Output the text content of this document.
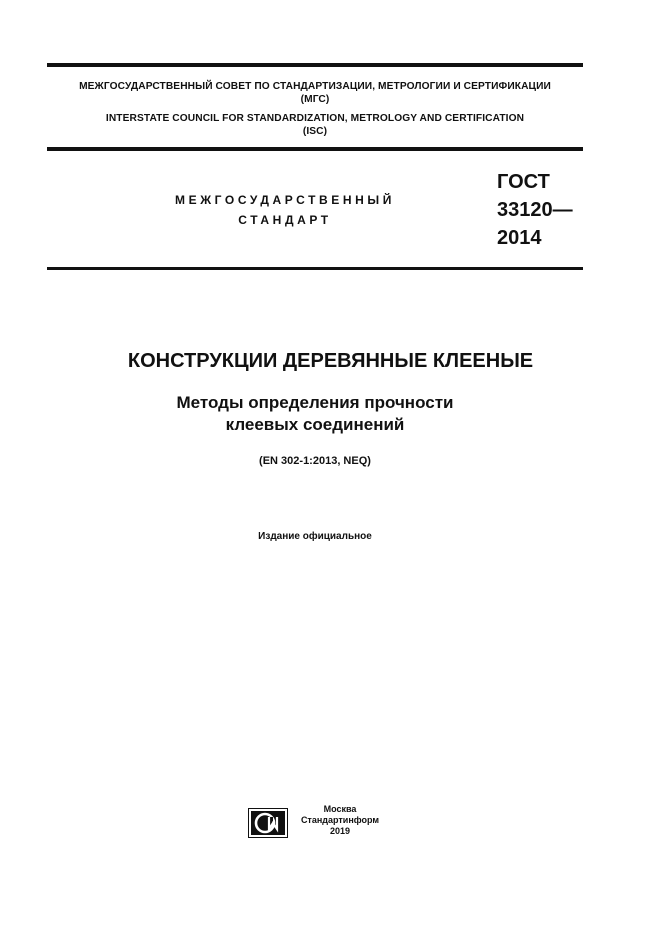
МЕЖГОСУДАРСТВЕННЫЙ СОВЕТ ПО СТАНДАРТИЗАЦИИ, МЕТРОЛОГИИ И СЕРТИФИКАЦИИ
(МГС)
INTERSTATE COUNCIL FOR STANDARDIZATION, METROLOGY AND CERTIFICATION
(ISC)
МЕЖГОСУДАРСТВЕННЫЙ
СТАНДАРТ
ГОСТ
33120—
2014
КОНСТРУКЦИИ ДЕРЕВЯННЫЕ КЛЕЕНЫЕ
Методы определения прочности
клеевых соединений
(EN 302-1:2013, NEQ)
Издание официальное
Москва
Стандартинформ
2019
